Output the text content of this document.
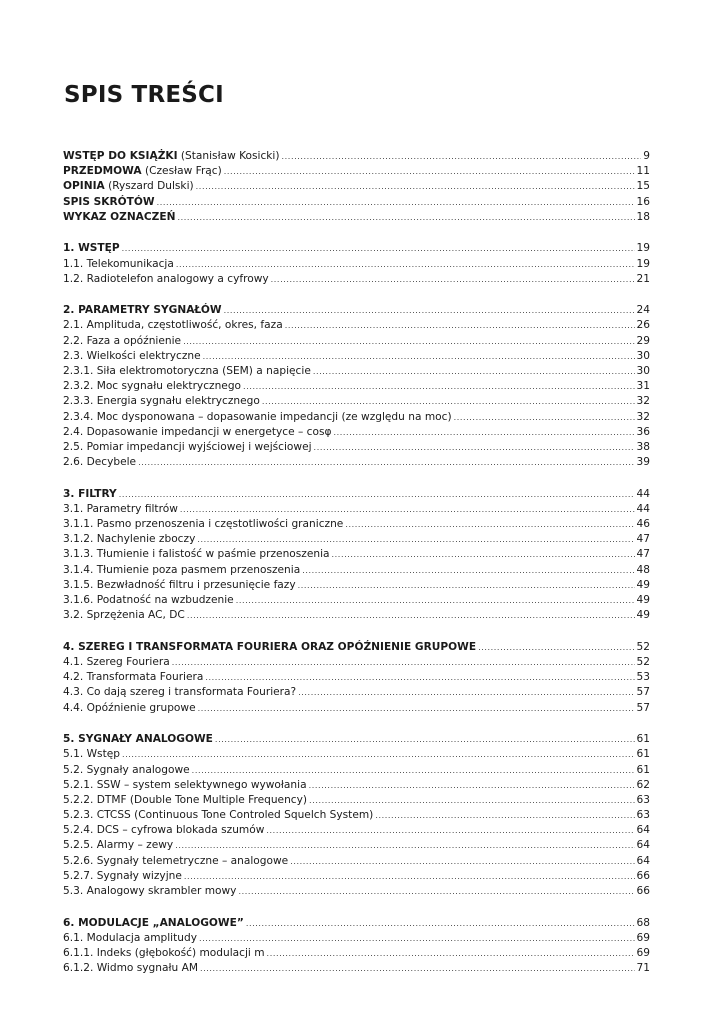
SPIS TREŚCI
WSTĘP DO KSIĄŻKI (Stanisław Kosicki) .....	9
PRZEDMOWA (Czesław Frąc) .....	11
OPINIA (Ryszard Dulski) .....	15
SPIS SKRÓTÓW .....	16
WYKAZ OZNACZEŃ .....	18
1. WSTĘP .....	19
1.1. Telekomunikacja .....	19
1.2. Radiotelefon analogowy a cyfrowy .....	21
2. PARAMETRY SYGNAŁÓW .....	24
2.1. Amplituda, częstotliwość, okres, faza .....	26
2.2. Faza a opóźnienie .....	29
2.3. Wielkości elektryczne .....	30
2.3.1. Siła elektromotoryczna (SEM) a napięcie .....	30
2.3.2. Moc sygnału elektrycznego .....	31
2.3.3. Energia sygnału elektrycznego .....	32
2.3.4. Moc dysponowana – dopasowanie impedancji (ze względu na moc) .....	32
2.4. Dopasowanie impedancji w energetyce – cosφ .....	36
2.5. Pomiar impedancji wyjściowej i wejściowej .....	38
2.6. Decybele .....	39
3. FILTRY .....	44
3.1. Parametry filtrów .....	44
3.1.1. Pasmo przenoszenia i częstotliwości graniczne .....	46
3.1.2. Nachylenie zboczy .....	47
3.1.3. Tłumienie i falistość w paśmie przenoszenia .....	47
3.1.4. Tłumienie poza pasmem przenoszenia .....	48
3.1.5. Bezwładność filtru i przesunięcie fazy .....	49
3.1.6. Podatność na wzbudzenie .....	49
3.2. Sprzężenia AC, DC .....	49
4. SZEREG I TRANSFORMATA FOURIERA ORAZ OPÓŹNIENIE GRUPOWE .....	52
4.1. Szereg Fouriera .....	52
4.2. Transformata Fouriera .....	53
4.3. Co dają szereg i transformata Fouriera? .....	57
4.4. Opóźnienie grupowe .....	57
5. SYGNAŁY ANALOGOWE .....	61
5.1. Wstęp .....	61
5.2. Sygnały analogowe .....	61
5.2.1. SSW – system selektywnego wywołania .....	62
5.2.2. DTMF (Double Tone Multiple Frequency) .....	63
5.2.3. CTCSS (Continuous Tone Controled Squelch System) .....	63
5.2.4. DCS – cyfrowa blokada szumów .....	64
5.2.5. Alarmy – zewy .....	64
5.2.6. Sygnały telemetryczne – analogowe .....	64
5.2.7. Sygnały wizyjne .....	66
5.3. Analogowy skrambler mowy .....	66
6. MODULACJE „ANALOGOWE” .....	68
6.1. Modulacja amplitudy .....	69
6.1.1. Indeks (głębokość) modulacji m .....	69
6.1.2. Widmo sygnału AM .....	71
